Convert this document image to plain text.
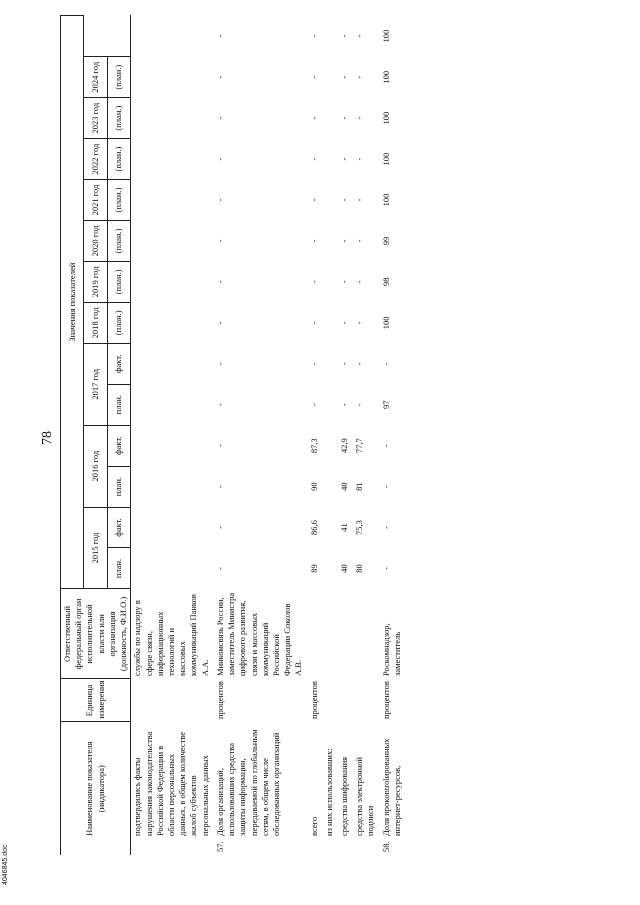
78
4046845.doc
Наименование показателя (индикатора)	Единица измерения	Ответственный федеральный орган исполнительной власти или организация (должность, Ф.И.О.)	Значения показателей													
			2015 год		2016 год		2017 год		2018 год	2019 год	2020 год	2021 год	2022 год	2023 год	2024 год	
			план.	факт.	план.	факт.	план.	факт.	(план.)	(план.)	(план.)	(план.)	(план.)	(план.)	(план.)	

подтвердились факты нарушения законодательства Российской Федерации в области персональных данных, в общем количестве жалоб субъектов персональных данных		службы по надзору в сфере связи, информационных технологий и массовых коммуникаций Панков А.А.														

57.
Доля организаций, использовавших средства защиты информации, передаваемой по глобальным сетям, в общем числе обследованных организаций	процентов	Минкомсвязь России, заместитель Министра цифрового развития, связи и массовых коммуникаций Российской Федерации Соколов А.В.	-	-	-	-	-	-	-	-	-	-	-	-	-	-

всего	процентов		89	86,6	90	87,3	-	-	-	-	-	-	-	-	-	-

из них использовавших:																

средства шифрования			40	41	40	42,9	-	-	-	-	-	-	-	-	-	-

средства электронной подписи			80	75,3	81	77,7	-	-	-	-	-	-	-	-	-	-

58.
Доля прокontrolированных интернет-ресурсов,	процентов	Роскомнадзор, заместитель	-	-	-	-	97	-	100	98	99	100	100	100	100	100
